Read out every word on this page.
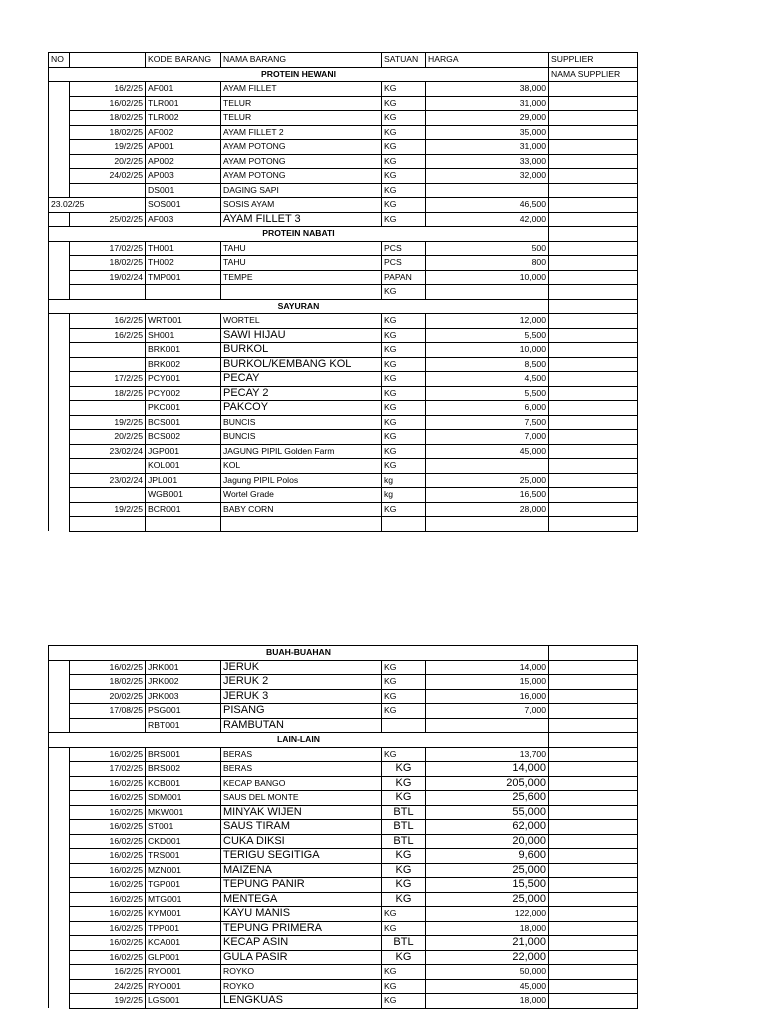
NO		KODE BARANG	NAMA BARANG	SATUAN	HARGA	SUPPLIER
PROTEIN HEWANI						NAMA SUPPLIER
	16/2/25	AF001	AYAM FILLET	KG	38,000	
	16/02/25	TLR001	TELUR	KG	31,000	
	18/02/25	TLR002	TELUR	KG	29,000	
	18/02/25	AF002	AYAM FILLET 2	KG	35,000	
	19/2/25	AP001	AYAM POTONG	KG	31,000	
	20/2/25	AP002	AYAM POTONG	KG	33,000	
	24/02/25	AP003	AYAM POTONG	KG	32,000	
		DS001	DAGING SAPI	KG		
23.02/25		SOS001	SOSIS AYAM	KG	46,500	
	25/02/25	AF003	AYAM FILLET 3	KG	42,000	
PROTEIN NABATI						
	17/02/25	TH001	TAHU	PCS	500	
	18/02/25	TH002	TAHU	PCS	800	
	19/02/24	TMP001	TEMPE	PAPAN	10,000	
				KG		
SAYURAN						
	16/2/25	WRT001	WORTEL	KG	12,000	
	16/2/25	SH001	SAWI HIJAU	KG	5,500	
		BRK001	BURKOL	KG	10,000	
		BRK002	BURKOL/KEMBANG KOL	KG	8,500	
	17/2/25	PCY001	PECAY	KG	4,500	
	18/2/25	PCY002	PECAY 2	KG	5,500	
		PKC001	PAKCOY	KG	6,000	
	19/2/25	BCS001	BUNCIS	KG	7,500	
	20/2/25	BCS002	BUNCIS	KG	7,000	
	23/02/24	JGP001	JAGUNG PIPIL Golden Farm	KG	45,000	
		KOL001	KOL	KG		
	23/02/24	JPL001	Jagung PIPIL Polos	kg	25,000	
		WGB001	Wortel Grade	kg	16,500	
	19/2/25	BCR001	BABY CORN	KG	28,000	

BUAH-BUAHAN						
	16/02/25	JRK001	JERUK	KG	14,000	
	18/02/25	JRK002	JERUK 2	KG	15,000	
	20/02/25	JRK003	JERUK 3	KG	16,000	
	17/08/25	PSG001	PISANG	KG	7,000	
		RBT001	RAMBUTAN			
LAIN-LAIN						
	16/02/25	BRS001	BERAS	KG	13,700	
	17/02/25	BRS002	BERAS	KG	14,000	
	16/02/25	KCB001	KECAP BANGO	KG	205,000	
	16/02/25	SDM001	SAUS DEL MONTE	KG	25,600	
	16/02/25	MKW001	MINYAK WIJEN	BTL	55,000	
	16/02/25	ST001	SAUS TIRAM	BTL	62,000	
	16/02/25	CKD001	CUKA DIKSI	BTL	20,000	
	16/02/25	TRS001	TERIGU SEGITIGA	KG	9,600	
	16/02/25	MZN001	MAIZENA	KG	25,000	
	16/02/25	TGP001	TEPUNG PANIR	KG	15,500	
	16/02/25	MTG001	MENTEGA	KG	25,000	
	16/02/25	KYM001	KAYU MANIS	KG	122,000	
	16/02/25	TPP001	TEPUNG PRIMERA	KG	18,000	
	16/02/25	KCA001	KECAP ASIN	BTL	21,000	
	16/02/25	GLP001	GULA PASIR	KG	22,000	
	16/2/25	RYO001	ROYKO	KG	50,000	
	24/2/25	RYO001	ROYKO	KG	45,000	
	19/2/25	LGS001	LENGKUAS	KG	18,000	
